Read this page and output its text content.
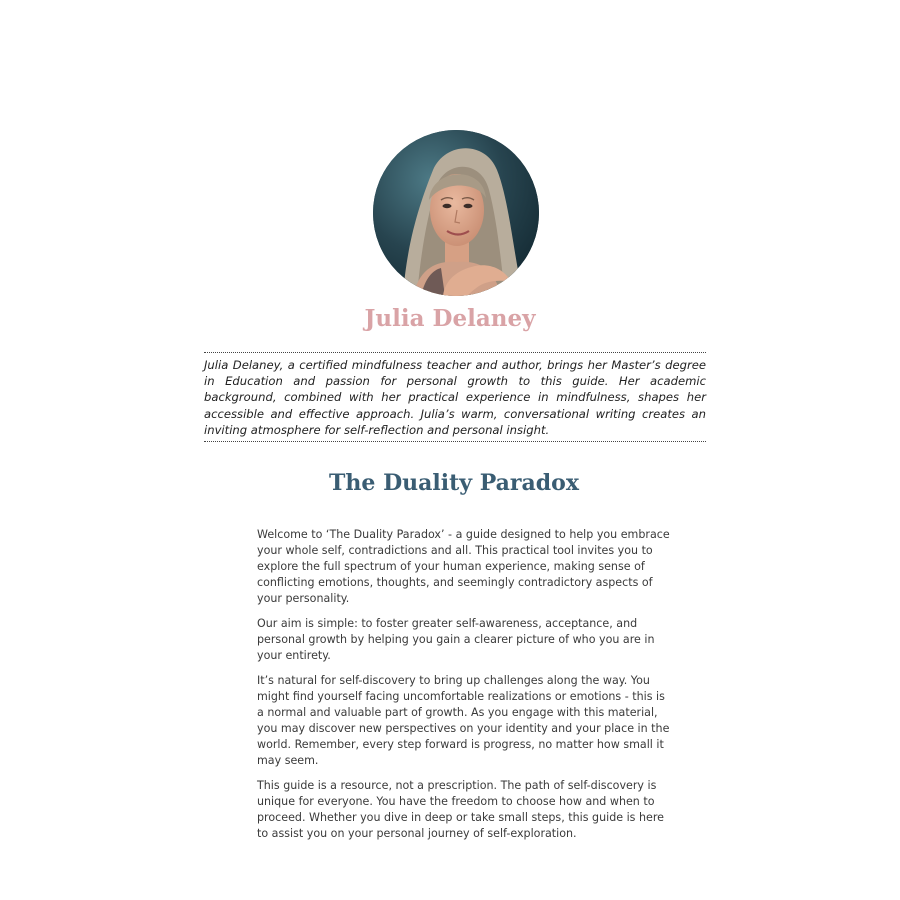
Julia Delaney

Julia Delaney, a certified mindfulness teacher and author, brings her Master’s degree in Education and passion for personal growth to this guide. Her academic background, combined with her practical experience in mindfulness, shapes her accessible and effective approach. Julia’s warm, conversational writing creates an inviting atmosphere for self-reflection and personal insight.

The Duality Paradox

Welcome to ‘The Duality Paradox’ - a guide designed to help you embrace your whole self, contradictions and all. This practical tool invites you to explore the full spectrum of your human experience, making sense of conflicting emotions, thoughts, and seemingly contradictory aspects of your personality.

Our aim is simple: to foster greater self-awareness, acceptance, and personal growth by helping you gain a clearer picture of who you are in your entirety.

It’s natural for self-discovery to bring up challenges along the way. You might find yourself facing uncomfortable realizations or emotions - this is a normal and valuable part of growth. As you engage with this material, you may discover new perspectives on your identity and your place in the world. Remember, every step forward is progress, no matter how small it may seem.

This guide is a resource, not a prescription. The path of self-discovery is unique for everyone. You have the freedom to choose how and when to proceed. Whether you dive in deep or take small steps, this guide is here to assist you on your personal journey of self-exploration.
